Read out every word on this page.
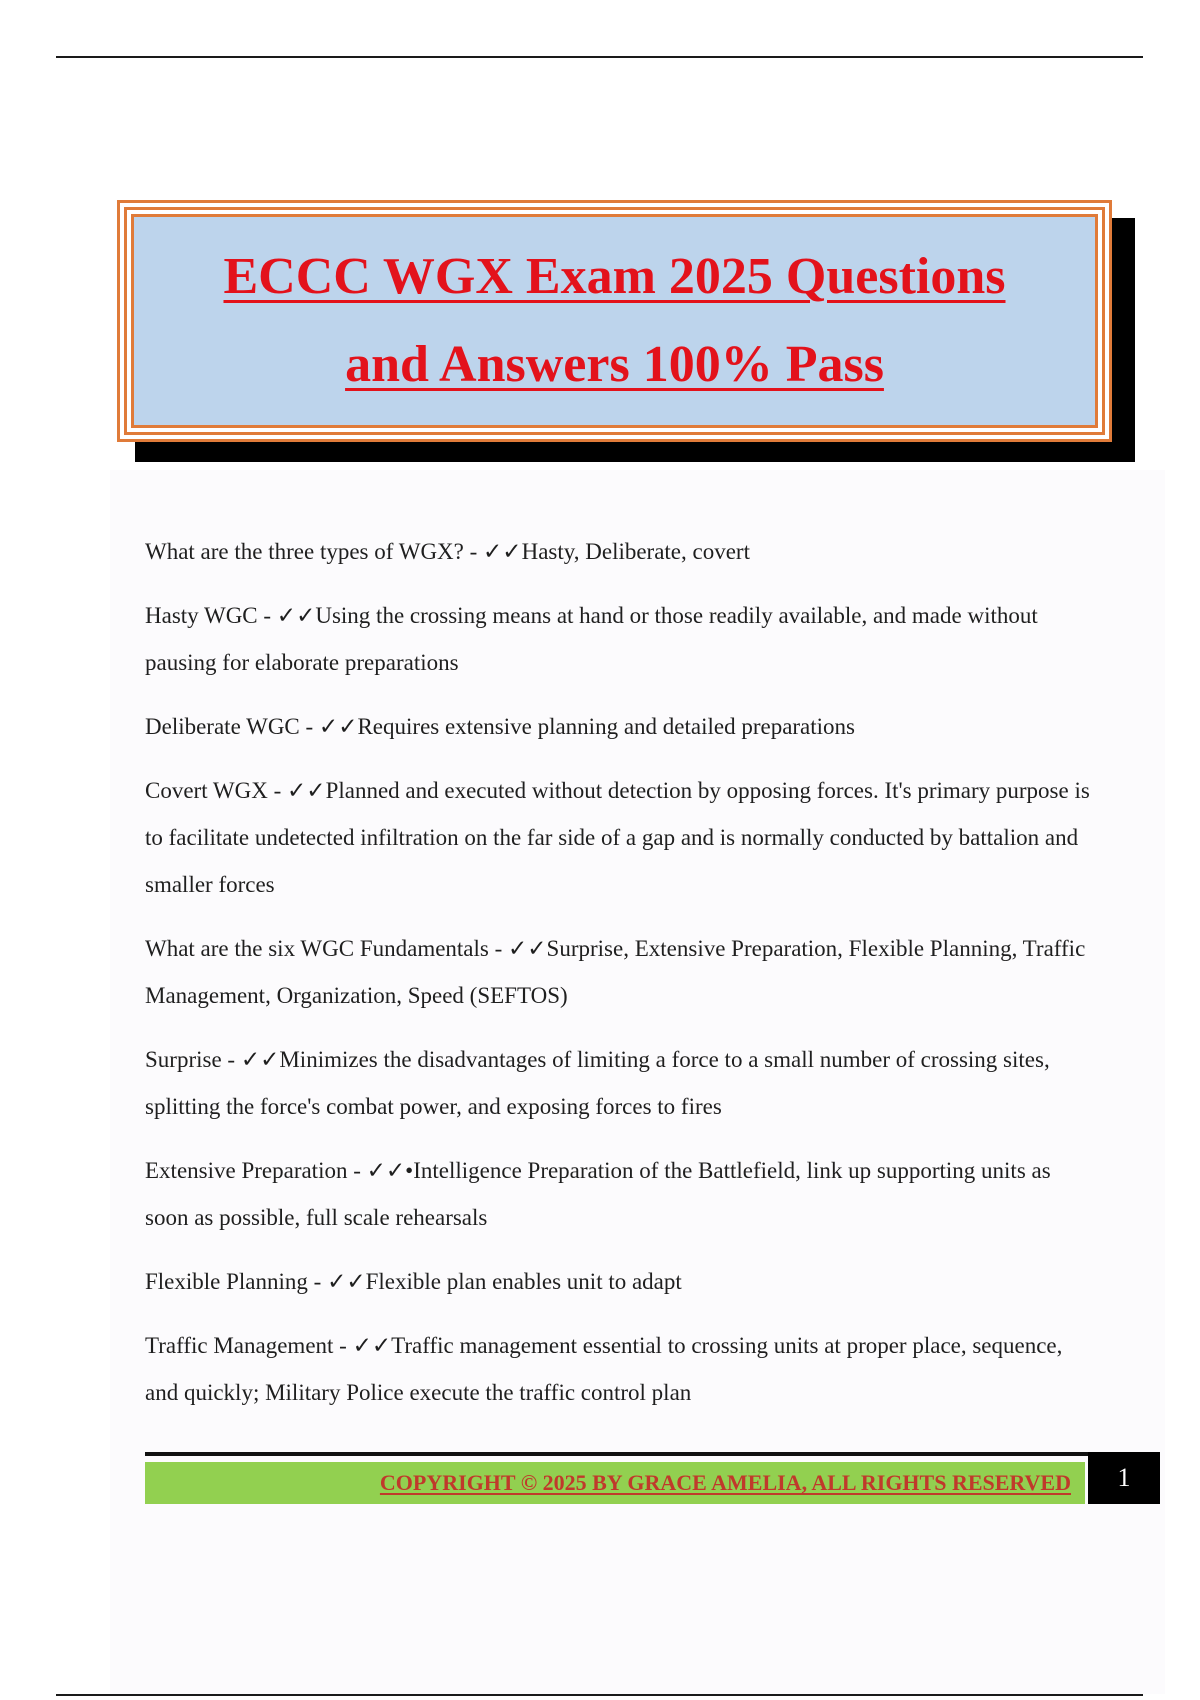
ECCC WGX Exam 2025 Questions
and Answers 100% Pass

What are the three types of WGX? - ✓✓Hasty, Deliberate, covert

Hasty WGC - ✓✓Using the crossing means at hand or those readily available, and made without pausing for elaborate preparations

Deliberate WGC - ✓✓Requires extensive planning and detailed preparations

Covert WGX - ✓✓Planned and executed without detection by opposing forces. It's primary purpose is to facilitate undetected infiltration on the far side of a gap and is normally conducted by battalion and smaller forces

What are the six WGC Fundamentals - ✓✓Surprise, Extensive Preparation, Flexible Planning, Traffic Management, Organization, Speed (SEFTOS)

Surprise - ✓✓Minimizes the disadvantages of limiting a force to a small number of crossing sites, splitting the force's combat power, and exposing forces to fires

Extensive Preparation - ✓✓•Intelligence Preparation of the Battlefield, link up supporting units as soon as possible, full scale rehearsals

Flexible Planning - ✓✓Flexible plan enables unit to adapt

Traffic Management - ✓✓Traffic management essential to crossing units at proper place, sequence, and quickly; Military Police execute the traffic control plan

COPYRIGHT © 2025 BY GRACE AMELIA, ALL RIGHTS RESERVED	1
